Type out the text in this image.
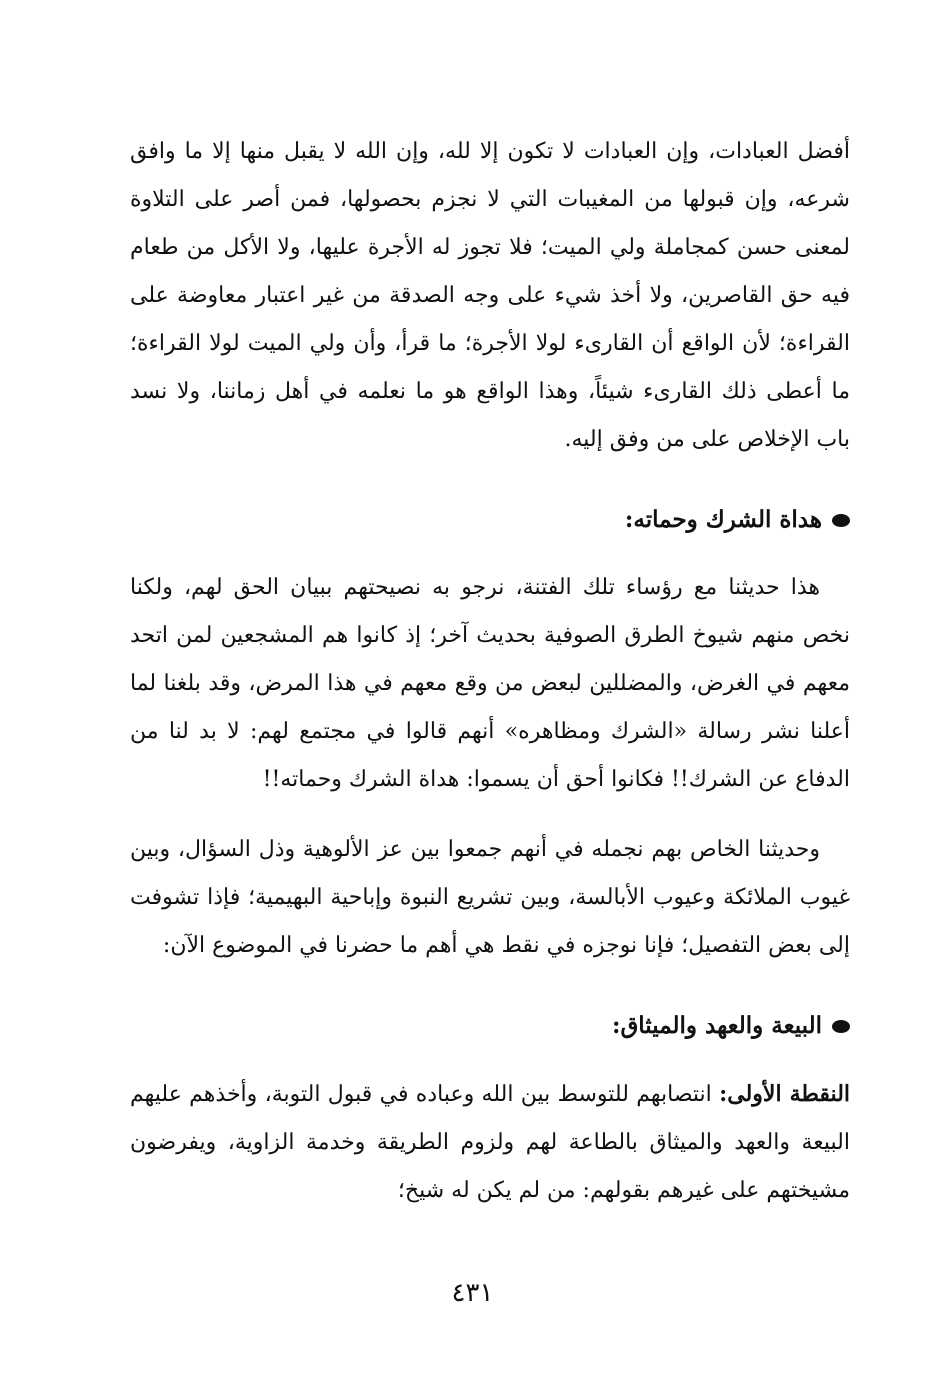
أفضل العبادات، وإن العبادات لا تكون إلا لله، وإن الله لا يقبل منها إلا ما وافق شرعه، وإن قبولها من المغيبات التي لا نجزم بحصولها، فمن أصر على التلاوة لمعنى حسن كمجاملة ولي الميت؛ فلا تجوز له الأجرة عليها، ولا الأكل من طعام فيه حق القاصرين، ولا أخذ شيء على وجه الصدقة من غير اعتبار معاوضة على القراءة؛ لأن الواقع أن القارىء لولا الأجرة؛ ما قرأ، وأن ولي الميت لولا القراءة؛ ما أعطى ذلك القارىء شيئاً، وهذا الواقع هو ما نعلمه في أهل زماننا، ولا نسد باب الإخلاص على من وفق إليه.

هداة الشرك وحماته:

هذا حديثنا مع رؤساء تلك الفتنة، نرجو به نصيحتهم ببيان الحق لهم، ولكنا نخص منهم شيوخ الطرق الصوفية بحديث آخر؛ إذ كانوا هم المشجعين لمن اتحد معهم في الغرض، والمضللين لبعض من وقع معهم في هذا المرض، وقد بلغنا لما أعلنا نشر رسالة «الشرك ومظاهره» أنهم قالوا في مجتمع لهم: لا بد لنا من الدفاع عن الشرك!! فكانوا أحق أن يسموا: هداة الشرك وحماته!!

وحديثنا الخاص بهم نجمله في أنهم جمعوا بين عز الألوهية وذل السؤال، وبين غيوب الملائكة وعيوب الأبالسة، وبين تشريع النبوة وإباحية البهيمية؛ فإذا تشوفت إلى بعض التفصيل؛ فإنا نوجزه في نقط هي أهم ما حضرنا في الموضوع الآن:

البيعة والعهد والميثاق:

النقطة الأولى: انتصابهم للتوسط بين الله وعباده في قبول التوبة، وأخذهم عليهم البيعة والعهد والميثاق بالطاعة لهم ولزوم الطريقة وخدمة الزاوية، ويفرضون مشيختهم على غيرهم بقولهم: من لم يكن له شيخ؛

٤٣١
